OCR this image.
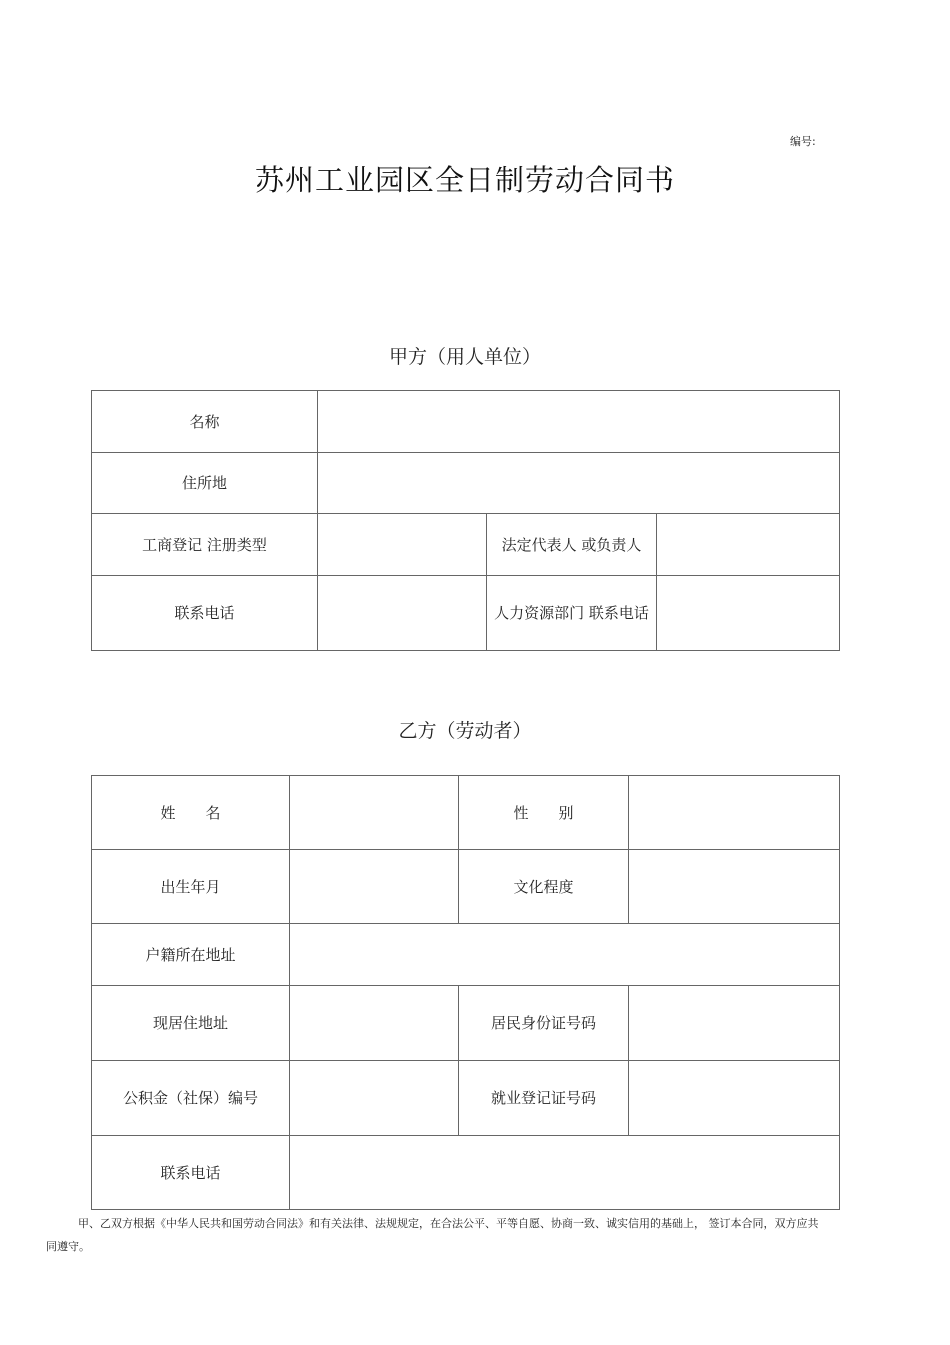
编号:
苏州工业园区全日制劳动合同书
甲方（用人单位）
名称			
住所地			
工商登记 注册类型		法定代表人 或负责人	
联系电话		人力资源部门 联系电话	
乙方（劳动者）
姓　　名		性　　别	
出生年月		文化程度	
户籍所在地址			
现居住地址		居民身份证号码	
公积金（社保）编号		就业登记证号码	
联系电话			
甲、乙双方根据《中华人民共和国劳动合同法》和有关法律、法规规定，在合法公平、平等自愿、协商一致、诚实信用的基础上， 签订本合同，双方应共
同遵守。
